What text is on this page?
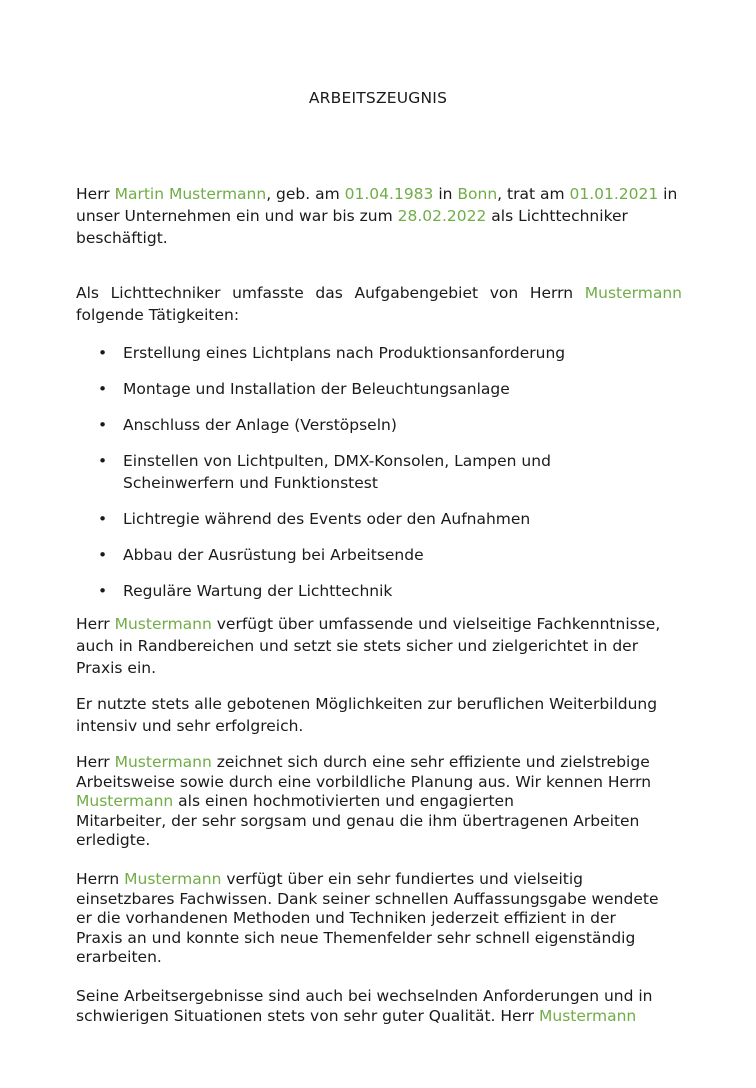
ARBEITSZEUGNIS

Herr Martin Mustermann, geb. am 01.04.1983 in Bonn, trat am 01.01.2021 in unser Unternehmen ein und war bis zum 28.02.2022 als Lichttechniker beschäftigt.

Als Lichttechniker umfasste das Aufgabengebiet von Herrn Mustermann folgende Tätigkeiten:

• Erstellung eines Lichtplans nach Produktionsanforderung
• Montage und Installation der Beleuchtungsanlage
• Anschluss der Anlage (Verstöpseln)
• Einstellen von Lichtpulten, DMX-Konsolen, Lampen und Scheinwerfern und Funktionstest
• Lichtregie während des Events oder den Aufnahmen
• Abbau der Ausrüstung bei Arbeitsende
• Reguläre Wartung der Lichttechnik

Herr Mustermann verfügt über umfassende und vielseitige Fachkenntnisse, auch in Randbereichen und setzt sie stets sicher und zielgerichtet in der Praxis ein.

Er nutzte stets alle gebotenen Möglichkeiten zur beruflichen Weiterbildung intensiv und sehr erfolgreich.

Herr Mustermann zeichnet sich durch eine sehr effiziente und zielstrebige Arbeitsweise sowie durch eine vorbildliche Planung aus. Wir kennen Herrn Mustermann als einen hochmotivierten und engagierten
Mitarbeiter, der sehr sorgsam und genau die ihm übertragenen Arbeiten erledigte.

Herrn Mustermann verfügt über ein sehr fundiertes und vielseitig einsetzbares Fachwissen. Dank seiner schnellen Auffassungsgabe wendete er die vorhandenen Methoden und Techniken jederzeit effizient in der Praxis an und konnte sich neue Themenfelder sehr schnell eigenständig erarbeiten.

Seine Arbeitsergebnisse sind auch bei wechselnden Anforderungen und in schwierigen Situationen stets von sehr guter Qualität. Herr Mustermann
